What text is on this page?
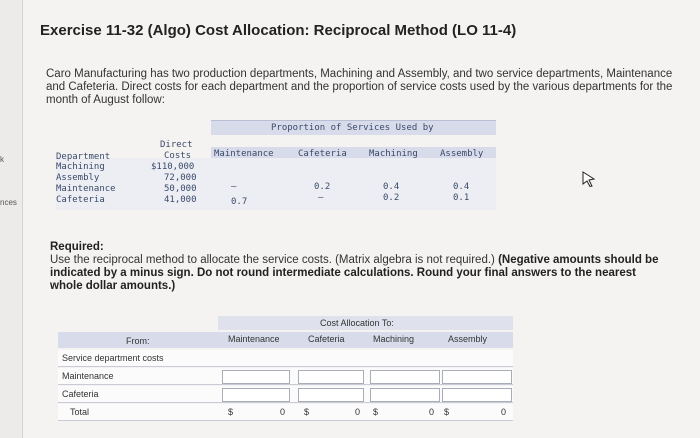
k
nces
Exercise 11-32 (Algo) Cost Allocation: Reciprocal Method (LO 11-4)
Caro Manufacturing has two production departments, Machining and Assembly, and two service departments, Maintenance and Cafeteria. Direct costs for each department and the proportion of service costs used by the various departments for the month of August follow:
Proportion of Services Used by
Direct
Department	Costs	Maintenance	Cafeteria Machining Assembly
Machining	$110,000
Assembly	72,000
Maintenance	50,000	–	0.2	0.4	0.4
Cafeteria	41,000	0.7	–	0.2	0.1
Required:
Use the reciprocal method to allocate the service costs. (Matrix algebra is not required.) (Negative amounts should be indicated by a minus sign. Do not round intermediate calculations. Round your final answers to the nearest whole dollar amounts.)
Cost Allocation To:
From:	Maintenance	Cafeteria	Machining	Assembly
Service department costs
Maintenance
Cafeteria
Total	$	0 $	0 $	0 $	0
